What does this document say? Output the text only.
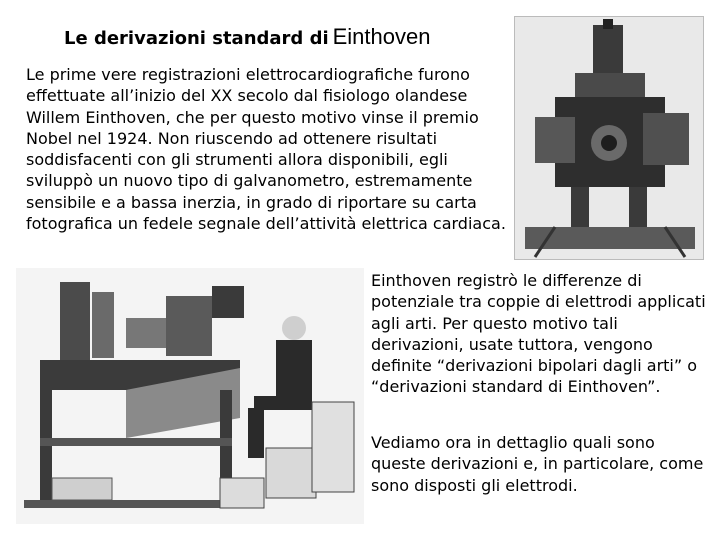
Le derivazioni standard di Einthoven
Le prime vere registrazioni elettrocardiografiche furono effettuate all’inizio del XX secolo dal fisiologo olandese Willem Einthoven, che per questo motivo vinse il premio Nobel nel 1924. Non riuscendo ad ottenere risultati soddisfacenti con gli strumenti allora disponibili, egli sviluppò un nuovo tipo di galvanometro, estremamente sensibile e a bassa inerzia, in grado di riportare su carta fotografica un fedele segnale dell’attività elettrica cardiaca.
Einthoven registrò le differenze di potenziale tra coppie di elettrodi applicati agli arti. Per questo motivo tali derivazioni, usate tuttora, vengono definite “derivazioni bipolari dagli arti” o “derivazioni standard di Einthoven”.
Vediamo ora in dettaglio quali sono queste derivazioni e, in particolare, come sono disposti gli elettrodi.
